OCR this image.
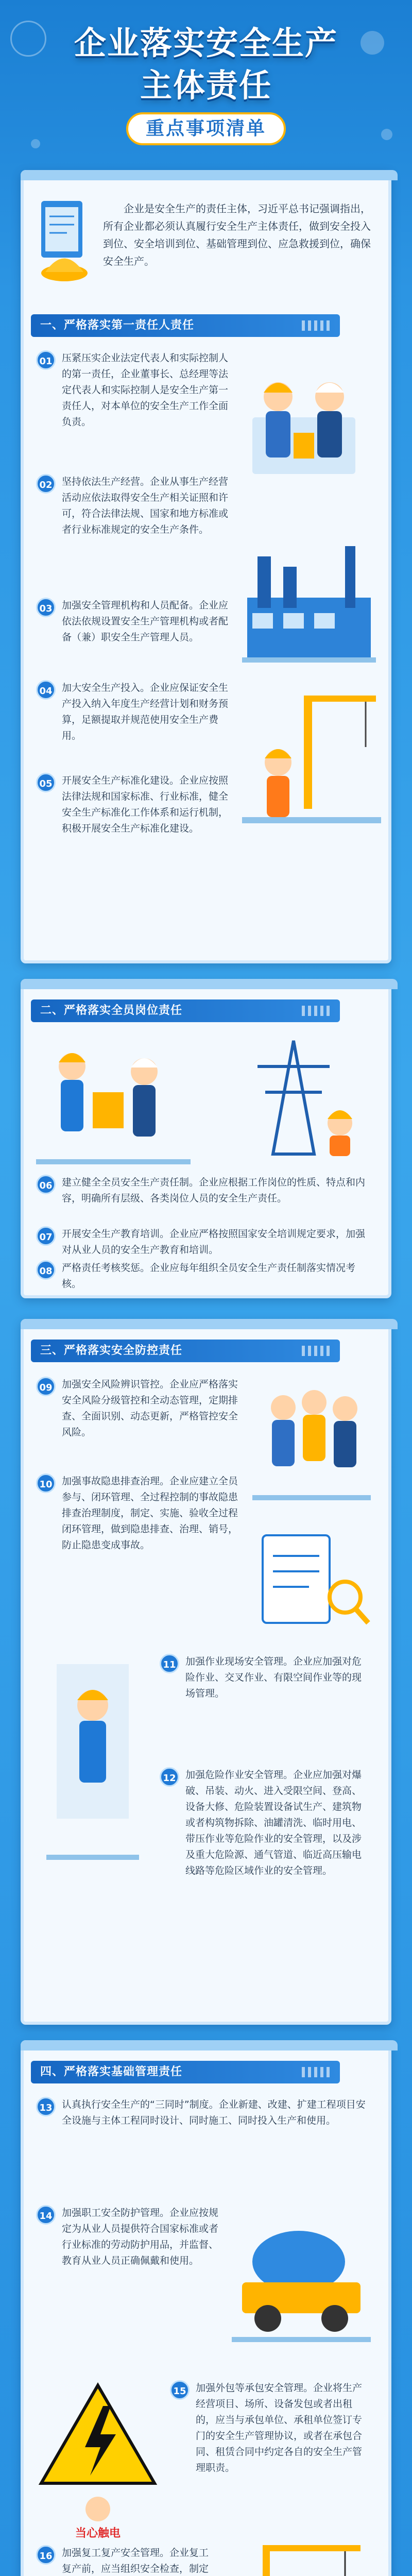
企业落实安全生产
主体责任
重点事项清单
企业是安全生产的责任主体，习近平总书记强调指出，所有企业都必须认真履行安全生产主体责任，做到安全投入到位、安全培训到位、基础管理到位、应急救援到位，确保安全生产。
一、严格落实第一责任人责任
01 压紧压实企业法定代表人和实际控制人的第一责任，企业董事长、总经理等法定代表人和实际控制人是安全生产第一责任人，对本单位的安全生产工作全面负责。
02 坚持依法生产经营。企业从事生产经营活动应依法取得安全生产相关证照和许可，符合法律法规、国家和地方标准或者行业标准规定的安全生产条件。
03 加强安全管理机构和人员配备。企业应依法依规设置安全生产管理机构或者配备（兼）职安全生产管理人员。
04 加大安全生产投入。企业应保证安全生产投入纳入年度生产经营计划和财务预算，足额提取并规范使用安全生产费用。
05 开展安全生产标准化建设。企业应按照法律法规和国家标准、行业标准，健全安全生产标准化工作体系和运行机制，积极开展安全生产标准化建设。
二、严格落实全员岗位责任
06 建立健全全员安全生产责任制。企业应根据工作岗位的性质、特点和内容，明确所有层级、各类岗位人员的安全生产责任。
07 开展安全生产教育培训。企业应严格按照国家安全培训规定要求，加强对从业人员的安全生产教育和培训。
08 严格责任考核奖惩。企业应每年组织全员安全生产责任制落实情况考核。
三、严格落实安全防控责任
09 加强安全风险辨识管控。企业应严格落实安全风险分级管控和全动态管理，定期排查、全面识别、动态更新，严格管控安全风险。
10 加强事故隐患排查治理。企业应建立全员参与、闭环管理、全过程控制的事故隐患排查治理制度，制定、实施、验收全过程闭环管理，做到隐患排查、治理、销号，防止隐患变成事故。
11 加强作业现场安全管理。企业应加强对危险作业、交叉作业、有限空间作业等的现场管理。
12 加强危险作业安全管理。企业应加强对爆破、吊装、动火、进入受限空间、登高、设备大修、危险装置设备试生产、建筑物或者构筑物拆除、油罐清洗、临时用电、带压作业等危险作业的安全管理，以及涉及重大危险源、通气管道、临近高压输电线路等危险区域作业的安全管理。
四、严格落实基础管理责任
13 认真执行安全生产的“三同时”制度。企业新建、改建、扩建工程项目安全设施与主体工程同时设计、同时施工、同时投入生产和使用。
14 加强职工安全防护管理。企业应按规定为从业人员提供符合国家标准或者行业标准的劳动防护用品，并监督、教育从业人员正确佩戴和使用。
15 加强外包等承包安全管理。企业将生产经营项目、场所、设备发包或者出租的，应当与承包单位、承租单位签订专门的安全生产管理协议，或者在承包合同、租赁合同中约定各自的安全生产管理职责。
16 加强复工复产安全管理。企业复工复产前，应当组织安全检查，制定
当心触电
